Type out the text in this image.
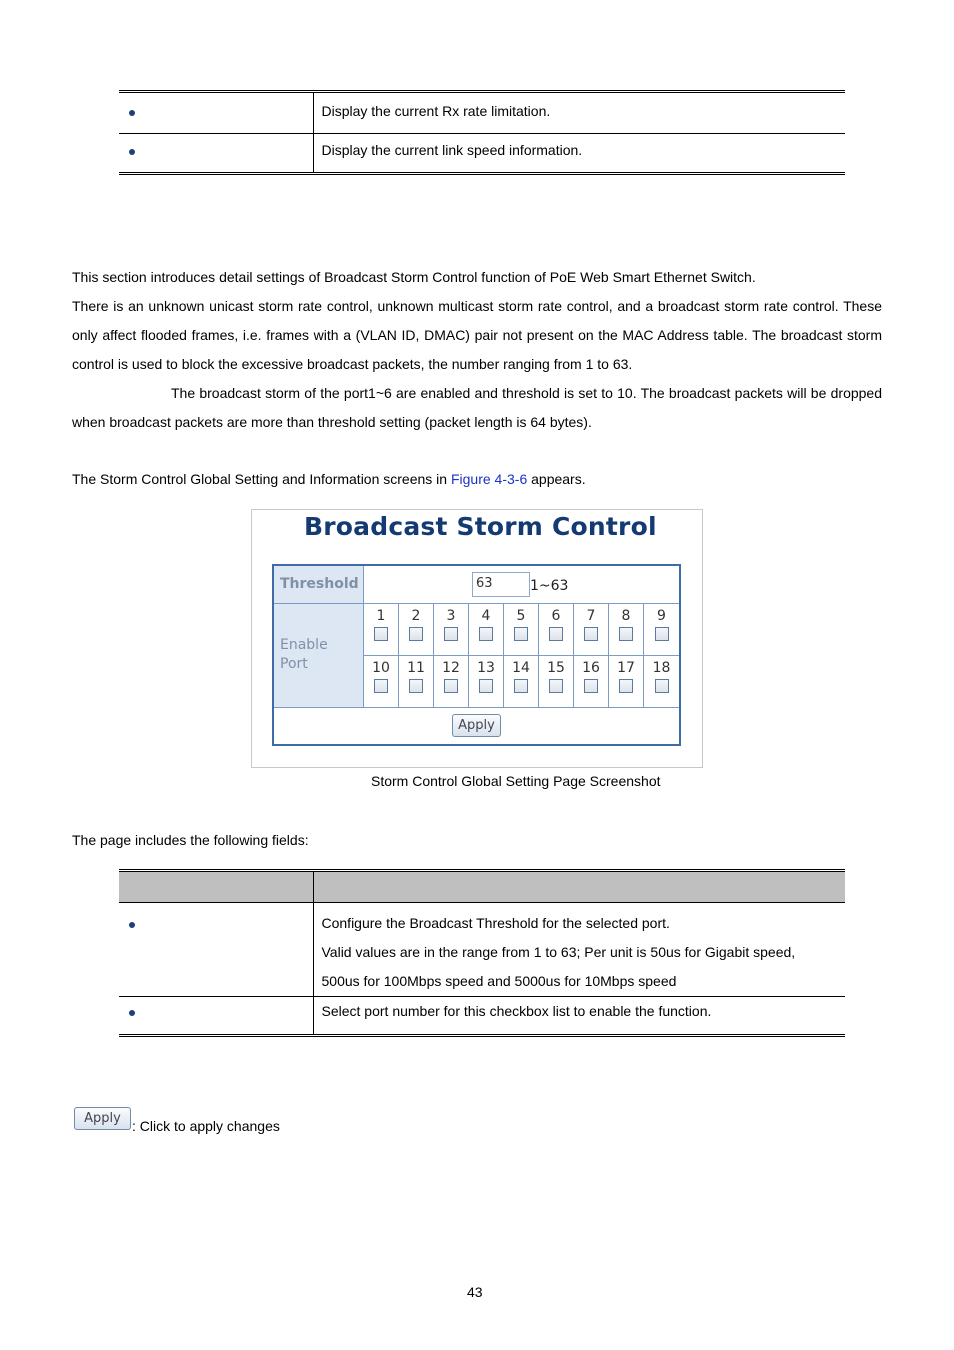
	Display the current Rx rate limitation.
	Display the current link speed information.
This section introduces detail settings of Broadcast Storm Control function of PoE Web Smart Ethernet Switch.
There is an unknown unicast storm rate control, unknown multicast storm rate control, and a broadcast storm rate control. These only affect flooded frames, i.e. frames with a (VLAN ID, DMAC) pair not present on the MAC Address table. The broadcast storm control is used to block the excessive broadcast packets, the number ranging from 1 to 63.
The broadcast storm of the port1~6 are enabled and threshold is set to 10. The broadcast packets will be dropped when broadcast packets are more than threshold setting (packet length is 64 bytes).
The Storm Control Global Setting and Information screens in Figure 4-3-6 appears.
Broadcast Storm Control
Threshold	63	1~63
Enable
Port
1	2	3	4	5	6	7	8	9
10	11	12	13	14	15	16	17	18
Apply
Storm Control Global Setting Page Screenshot
The page includes the following fields:

	Configure the Broadcast Threshold for the selected port.
Valid values are in the range from 1 to 63; Per unit is 50us for Gigabit speed,
500us for 100Mbps speed and 5000us for 10Mbps speed

	Select port number for this checkbox list to enable the function.
Apply : Click to apply changes
43
